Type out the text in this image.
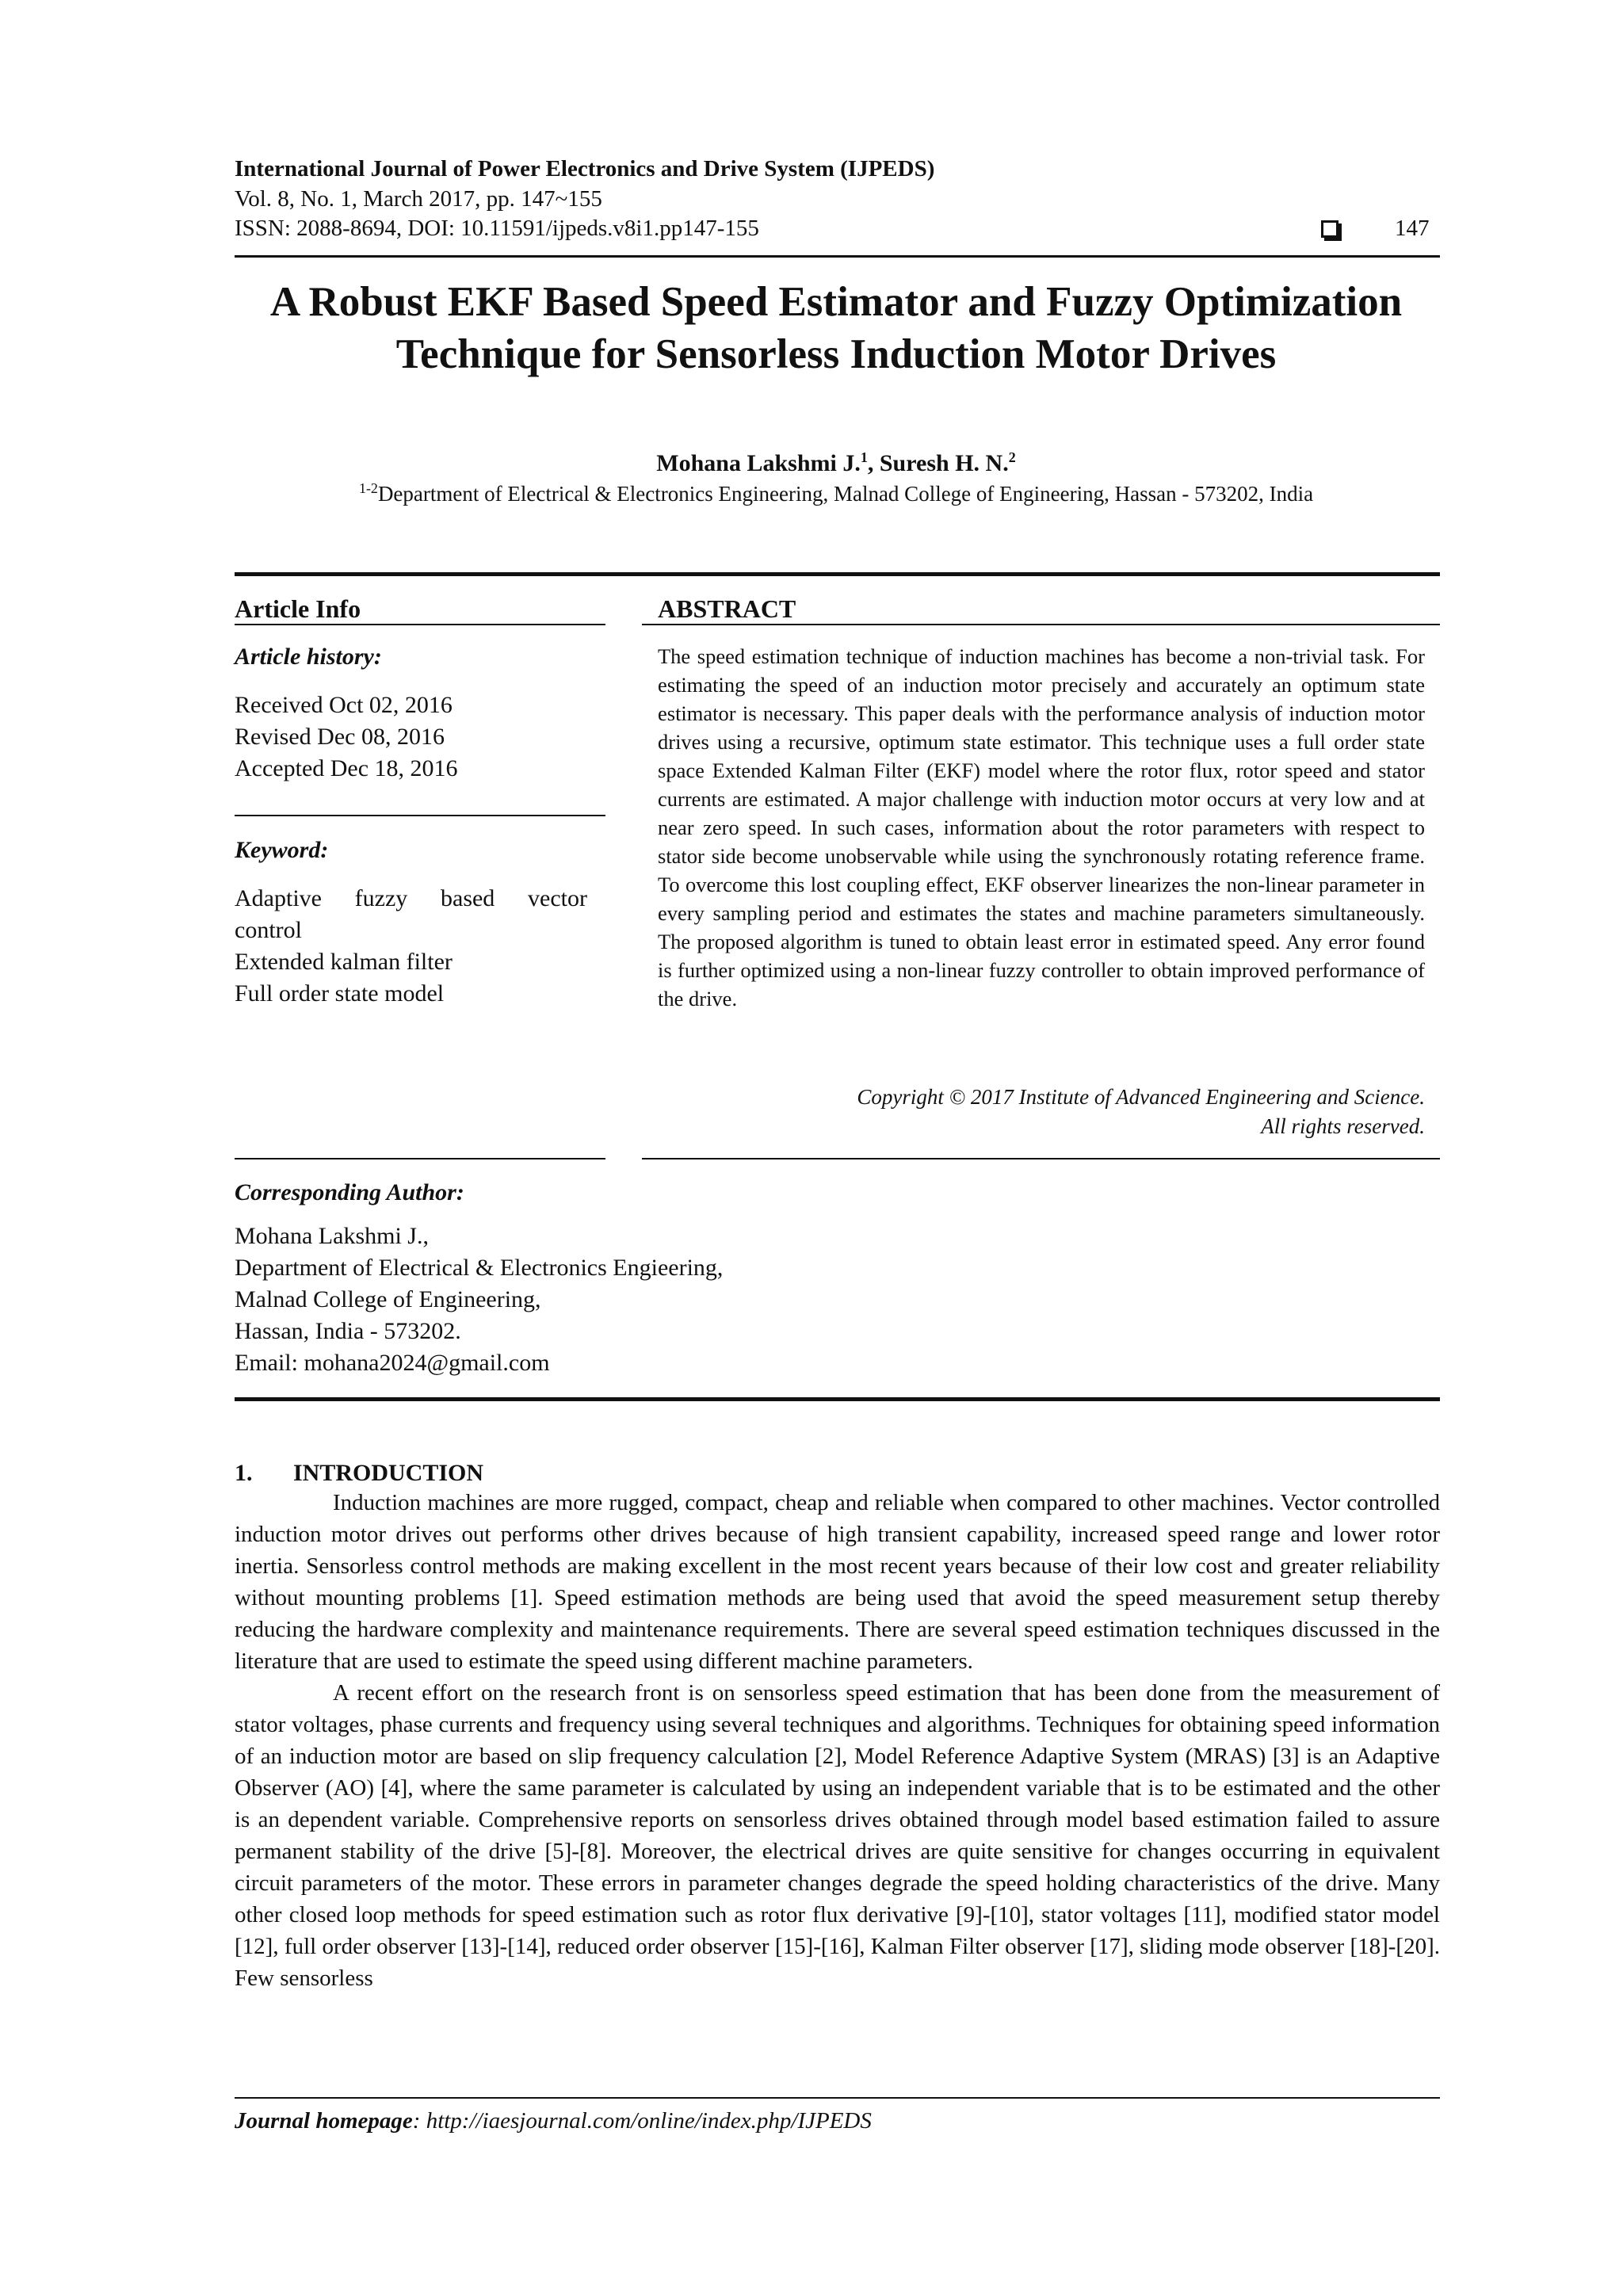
International Journal of Power Electronics and Drive System (IJPEDS)
Vol. 8, No. 1, March 2017, pp. 147~155
ISSN: 2088-8694, DOI: 10.11591/ijpeds.v8i1.pp147-155	147
A Robust EKF Based Speed Estimator and Fuzzy Optimization
Technique for Sensorless Induction Motor Drives
Mohana Lakshmi J.$^1$, Suresh H. N.$^2$
$^{1-2}$Department of Electrical & Electronics Engineering, Malnad College of Engineering, Hassan - 573202, India
Article Info
Article history:
Received Oct 02, 2016
Revised Dec 08, 2016
Accepted Dec 18, 2016
Keyword:
Adaptive fuzzy based vector
control
Extended kalman filter
Full order state model
ABSTRACT
The speed estimation technique of induction machines has become a non-trivial task. For estimating the speed of an induction motor precisely and accurately an optimum state estimator is necessary. This paper deals with the performance analysis of induction motor drives using a recursive, optimum state estimator. This technique uses a full order state space Extended Kalman Filter (EKF) model where the rotor flux, rotor speed and stator currents are estimated. A major challenge with induction motor occurs at very low and at near zero speed. In such cases, information about the rotor parameters with respect to stator side become unobservable while using the synchronously rotating reference frame. To overcome this lost coupling effect, EKF observer linearizes the non-linear parameter in every sampling period and estimates the states and machine parameters simultaneously. The proposed algorithm is tuned to obtain least error in estimated speed. Any error found is further optimized using a non-linear fuzzy controller to obtain improved performance of the drive.
Copyright © 2017 Institute of Advanced Engineering and Science.
All rights reserved.
Corresponding Author:
Mohana Lakshmi J.,
Department of Electrical & Electronics Engieering,
Malnad College of Engineering,
Hassan, India - 573202.
Email: mohana2024@gmail.com
1. INTRODUCTION

Induction machines are more rugged, compact, cheap and reliable when compared to other machines. Vector controlled induction motor drives out performs other drives because of high transient capability, increased speed range and lower rotor inertia. Sensorless control methods are making excellent in the most recent years because of their low cost and greater reliability without mounting problems [1]. Speed estimation methods are being used that avoid the speed measurement setup thereby reducing the hardware complexity and maintenance requirements. There are several speed estimation techniques discussed in the literature that are used to estimate the speed using different machine parameters.

A recent effort on the research front is on sensorless speed estimation that has been done from the measurement of stator voltages, phase currents and frequency using several techniques and algorithms. Techniques for obtaining speed information of an induction motor are based on slip frequency calculation [2], Model Reference Adaptive System (MRAS) [3] is an Adaptive Observer (AO) [4], where the same parameter is calculated by using an independent variable that is to be estimated and the other is an dependent variable. Comprehensive reports on sensorless drives obtained through model based estimation failed to assure permanent stability of the drive [5]-[8]. Moreover, the electrical drives are quite sensitive for changes occurring in equivalent circuit parameters of the motor. These errors in parameter changes degrade the speed holding characteristics of the drive. Many other closed loop methods for speed estimation such as rotor flux derivative [9]-[10], stator voltages [11], modified stator model [12], full order observer [13]-[14], reduced order observer [15]-[16], Kalman Filter observer [17], sliding mode observer [18]-[20]. Few sensorless

Journal homepage: http://iaesjournal.com/online/index.php/IJPEDS
